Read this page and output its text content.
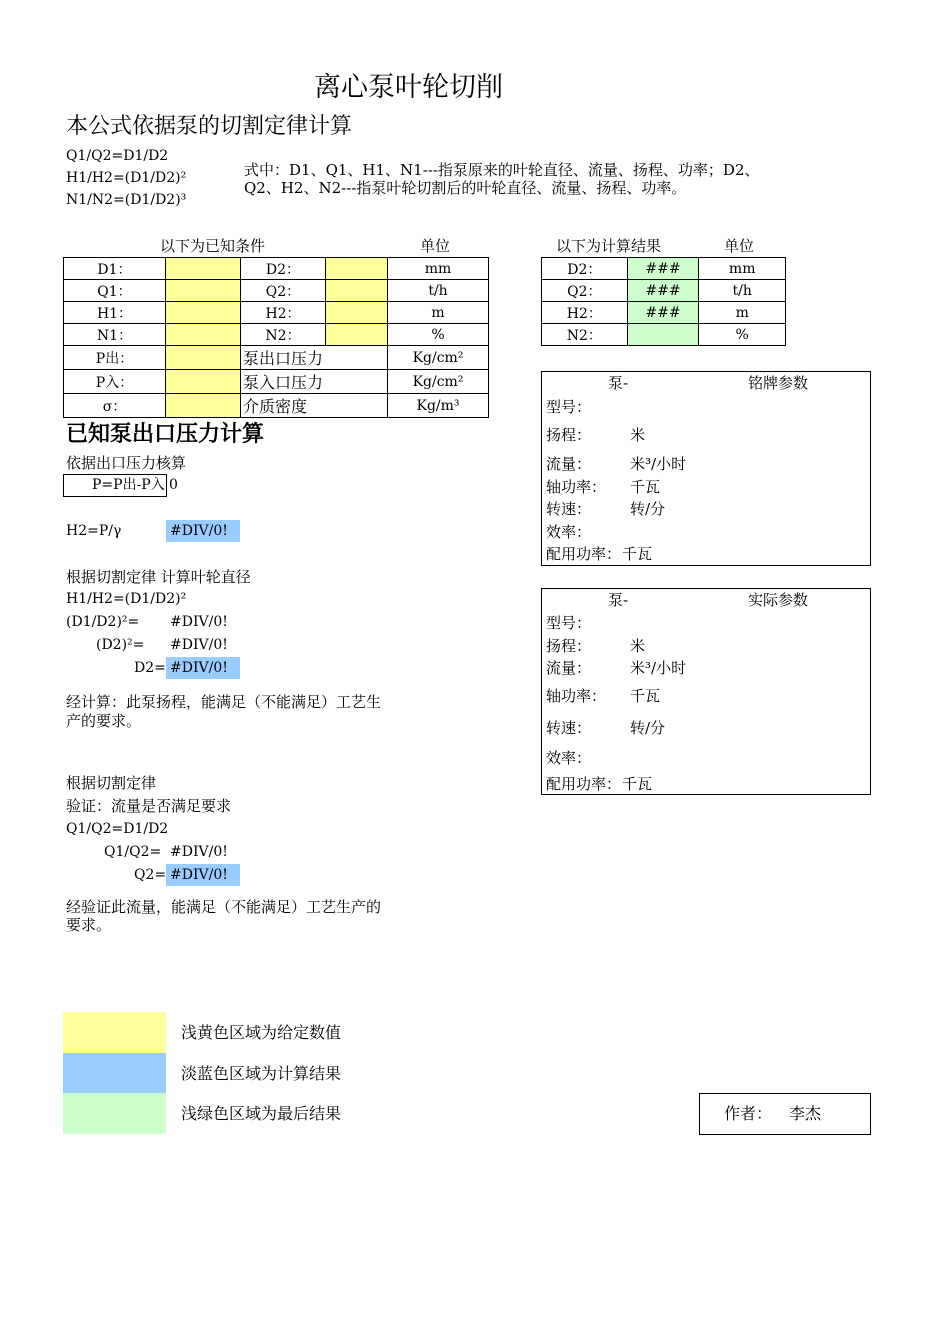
离心泵叶轮切削
本公式依据泵的切割定律计算
Q1/Q2=D1/D2
H1/H2=(D1/D2)²
N1/N2=(D1/D2)³
式中：D1、Q1、H1、N1---指泵原来的叶轮直径、流量、扬程、功率；D2、
Q2、H2、N2---指泵叶轮切割后的叶轮直径、流量、扬程、功率。
以下为已知条件	单位
D1：		D2：		mm
Q1：		Q2：		t/h
H1：		H2：		m
N1：		N2：		%
P出：		泵出口压力		Kg/cm²
P入：		泵入口压力		Kg/cm²
σ：		介质密度		Kg/m³
以下为计算结果	单位
D2：	###	mm
Q2：	###	t/h
H2：	###	m
N2：		%
已知泵出口压力计算
依据出口压力核算
P=P出-P入 0
H2=P/γ	#DIV/0!
根据切割定律 计算叶轮直径
H1/H2=(D1/D2)²
(D1/D2)²= #DIV/0!
(D2)²= #DIV/0!
D2= #DIV/0!
经计算：此泵扬程，能满足（不能满足）工艺生
产的要求。
根据切割定律
验证：流量是否满足要求
Q1/Q2=D1/D2
Q1/Q2= #DIV/0!
Q2= #DIV/0!
经验证此流量，能满足（不能满足）工艺生产的
要求。
泵-	铭牌参数
型号：
扬程：	米
流量：	米³/小时
轴功率： 千瓦
转速：	转/分
效率：
配用功率： 千瓦
泵-	实际参数
型号：
扬程：	米
流量：	米³/小时
轴功率： 千瓦
转速：	转/分
效率：
配用功率： 千瓦
浅黄色区域为给定数值
淡蓝色区域为计算结果
浅绿色区域为最后结果	作者： 李杰
